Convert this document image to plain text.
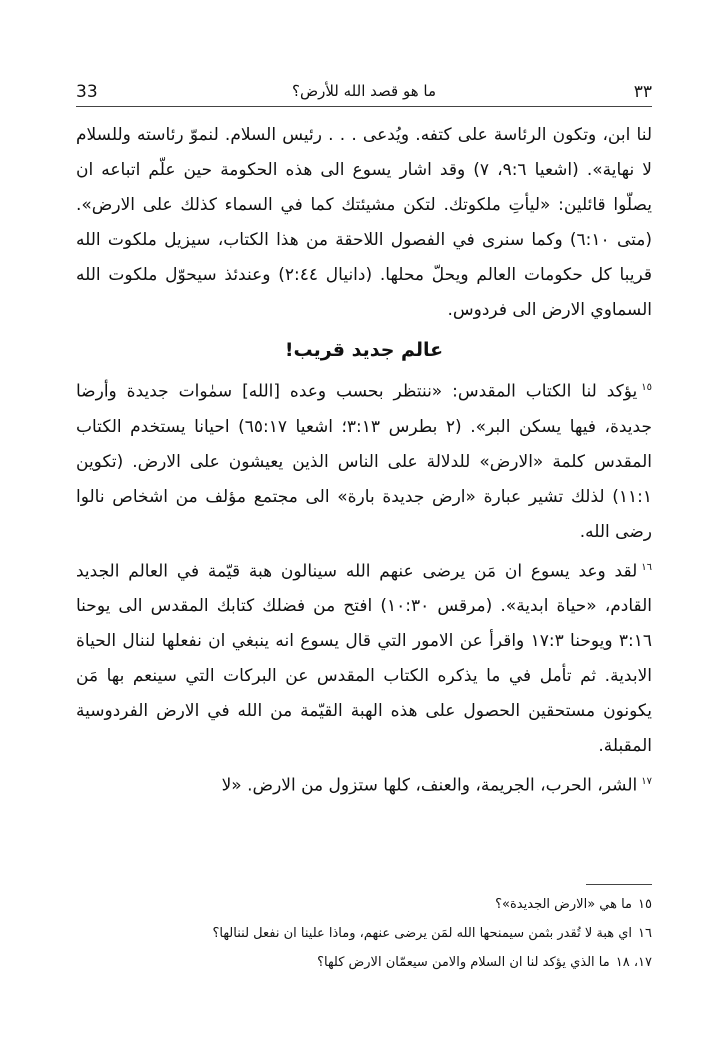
33	ما هو قصد الله للأرض؟	٣٣

لنا ابن، وتكون الرئاسة على كتفه. ويُدعى . . . رئيس السلام. لنموّ رئاسته وللسلام لا نهاية». (اشعيا ٩:٦، ٧) وقد اشار يسوع الى هذه الحكومة حين علّم اتباعه ان يصلّوا قائلين: «ليأتِ ملكوتك. لتكن مشيئتك كما في السماء كذلك على الارض». (متى ٦:١٠) وكما سنرى في الفصول اللاحقة من هذا الكتاب، سيزيل ملكوت الله قريبا كل حكومات العالم ويحلّ محلها. (دانيال ٢:٤٤) وعندئذ سيحوّل ملكوت الله السماوي الارض الى فردوس.

عالم جديد قريب!

$^{١٥}$يؤكد لنا الكتاب المقدس: «ننتظر بحسب وعده [الله] سمٰوات جديدة وأرضا جديدة، فيها يسكن البر». (٢ بطرس ٣:١٣؛ اشعيا ٦٥:١٧) احيانا يستخدم الكتاب المقدس كلمة «الارض» للدلالة على الناس الذين يعيشون على الارض. (تكوين ١١:١) لذلك تشير عبارة «ارض جديدة بارة» الى مجتمع مؤلف من اشخاص نالوا رضى الله.

$^{١٦}$لقد وعد يسوع ان مَن يرضى عنهم الله سينالون هبة قيّمة في العالم الجديد القادم، «حياة ابدية». (مرقس ١٠:٣٠) افتح من فضلك كتابك المقدس الى يوحنا ٣:١٦ ويوحنا ١٧:٣ واقرأ عن الامور التي قال يسوع انه ينبغي ان نفعلها لننال الحياة الابدية. ثم تأمل في ما يذكره الكتاب المقدس عن البركات التي سينعم بها مَن يكونون مستحقين الحصول على هذه الهبة القيّمة من الله في الارض الفردوسية المقبلة.

$^{١٧}$الشر، الحرب، الجريمة، والعنف، كلها ستزول من الارض. «لا

١٥ما هي «الارض الجديدة»؟

١٦اي هبة لا تُقدر بثمن سيمنحها الله لمَن يرضى عنهم، وماذا علينا ان نفعل لننالها؟

١٧، ١٨ما الذي يؤكد لنا ان السلام والامن سيعمّان الارض كلها؟
